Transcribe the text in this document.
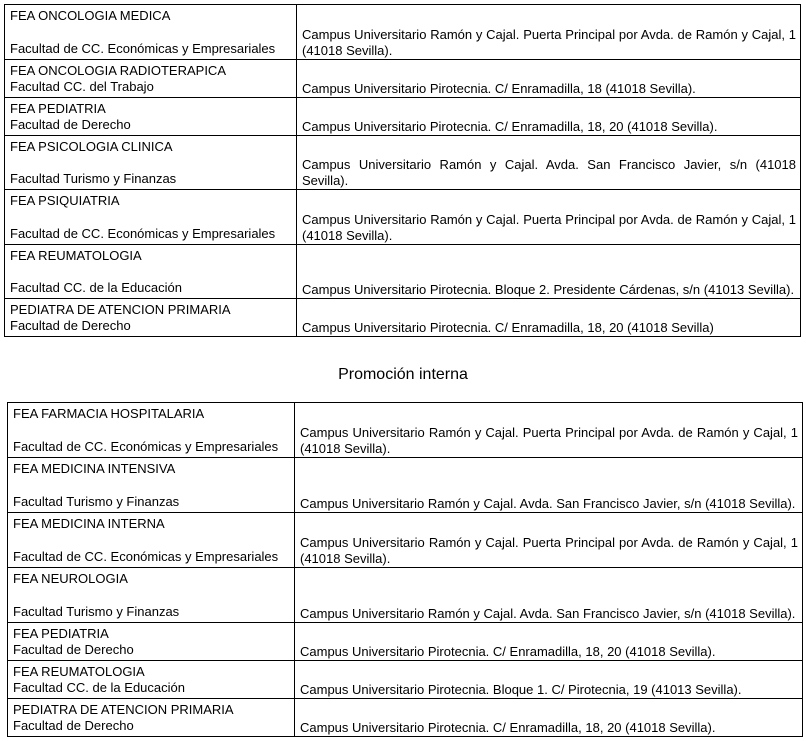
FEA ONCOLOGIA MEDICA
Facultad de CC. Económicas y Empresariales	Campus Universitario Ramón y Cajal. Puerta Principal por Avda. de Ramón y Cajal, 1 (41018 Sevilla).

FEA ONCOLOGIA RADIOTERAPICA
Facultad CC. del Trabajo	Campus Universitario Pirotecnia. C/ Enramadilla, 18 (41018 Sevilla).

FEA PEDIATRIA
Facultad de Derecho	Campus Universitario Pirotecnia. C/ Enramadilla, 18, 20 (41018 Sevilla).

FEA PSICOLOGIA CLINICA
Facultad Turismo y Finanzas	Campus Universitario Ramón y Cajal. Avda. San Francisco Javier, s/n (41018 Sevilla).

FEA PSIQUIATRIA
Facultad de CC. Económicas y Empresariales	Campus Universitario Ramón y Cajal. Puerta Principal por Avda. de Ramón y Cajal, 1 (41018 Sevilla).

FEA REUMATOLOGIA
Facultad CC. de la Educación	Campus Universitario Pirotecnia. Bloque 2. Presidente Cárdenas, s/n (41013 Sevilla).

PEDIATRA DE ATENCION PRIMARIA
Facultad de Derecho	Campus Universitario Pirotecnia. C/ Enramadilla, 18, 20 (41018 Sevilla)
Promoción interna
FEA FARMACIA HOSPITALARIA
Facultad de CC. Económicas y Empresariales	Campus Universitario Ramón y Cajal. Puerta Principal por Avda. de Ramón y Cajal, 1 (41018 Sevilla).

FEA MEDICINA INTENSIVA
Facultad Turismo y Finanzas	Campus Universitario Ramón y Cajal. Avda. San Francisco Javier, s/n (41018 Sevilla).

FEA MEDICINA INTERNA
Facultad de CC. Económicas y Empresariales	Campus Universitario Ramón y Cajal. Puerta Principal por Avda. de Ramón y Cajal, 1 (41018 Sevilla).

FEA NEUROLOGIA
Facultad Turismo y Finanzas	Campus Universitario Ramón y Cajal. Avda. San Francisco Javier, s/n (41018 Sevilla).

FEA PEDIATRIA
Facultad de Derecho	Campus Universitario Pirotecnia. C/ Enramadilla, 18, 20 (41018 Sevilla).

FEA REUMATOLOGIA
Facultad CC. de la Educación	Campus Universitario Pirotecnia. Bloque 1. C/ Pirotecnia, 19 (41013 Sevilla).

PEDIATRA DE ATENCION PRIMARIA
Facultad de Derecho	Campus Universitario Pirotecnia. C/ Enramadilla, 18, 20 (41018 Sevilla).
